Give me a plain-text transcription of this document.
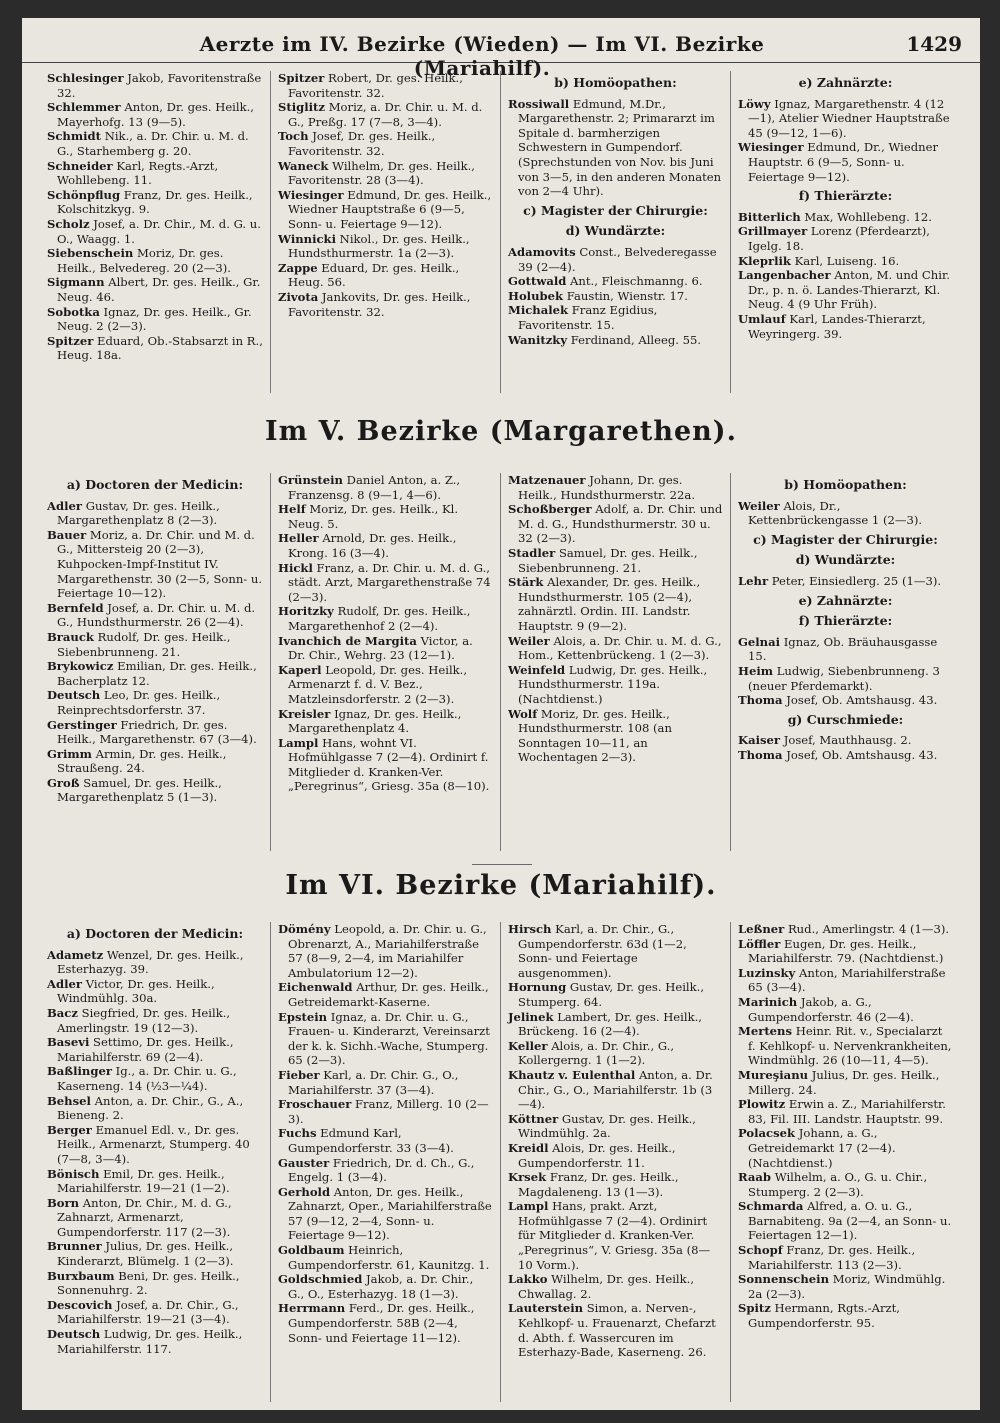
Aerzte im IV. Bezirke (Wieden) — Im VI. Bezirke (Mariahilf).
1429

Schlesinger Jakob, Favoritenstraße 32.

Schlemmer Anton, Dr. ges. Heilk., Mayerhofg. 13 (9—5).

Schmidt Nik., a. Dr. Chir. u. M. d. G., Starhemberg g. 20.

Schneider Karl, Regts.-Arzt, Wohllebeng. 11.

Schönpflug Franz, Dr. ges. Heilk., Kolschitzkyg. 9.

Scholz Josef, a. Dr. Chir., M. d. G. u. O., Waagg. 1.

Siebenschein Moriz, Dr. ges. Heilk., Belvedereg. 20 (2—3).

Sigmann Albert, Dr. ges. Heilk., Gr. Neug. 46.

Sobotka Ignaz, Dr. ges. Heilk., Gr. Neug. 2 (2—3).

Spitzer Eduard, Ob.-Stabsarzt in R., Heug. 18a.

Spitzer Robert, Dr. ges. Heilk., Favoritenstr. 32.

Stiglitz Moriz, a. Dr. Chir. u. M. d. G., Preßg. 17 (7—8, 3—4).

Toch Josef, Dr. ges. Heilk., Favoritenstr. 32.

Waneck Wilhelm, Dr. ges. Heilk., Favoritenstr. 28 (3—4).

Wiesinger Edmund, Dr. ges. Heilk., Wiedner Hauptstraße 6 (9—5, Sonn- u. Feiertage 9—12).

Winnicki Nikol., Dr. ges. Heilk., Hundsthurmerstr. 1a (2—3).

Zappe Eduard, Dr. ges. Heilk., Heug. 56.

Zivota Jankovits, Dr. ges. Heilk., Favoritenstr. 32.

b) Homöopathen:

Rossiwall Edmund, M.Dr., Margarethenstr. 2; Primararzt im Spitale d. barmherzigen Schwestern in Gumpendorf. (Sprechstunden von Nov. bis Juni von 3—5, in den anderen Monaten von 2—4 Uhr).

c) Magister der Chirurgie:
d) Wundärzte:

Adamovits Const., Belvederegasse 39 (2—4).

Gottwald Ant., Fleischmanng. 6.

Holubek Faustin, Wienstr. 17.

Michalek Franz Egidius, Favoritenstr. 15.

Wanitzky Ferdinand, Alleeg. 55.

e) Zahnärzte:

Löwy Ignaz, Margarethenstr. 4 (12—1), Atelier Wiedner Hauptstraße 45 (9—12, 1—6).

Wiesinger Edmund, Dr., Wiedner Hauptstr. 6 (9—5, Sonn- u. Feiertage 9—12).

f) Thierärzte:

Bitterlich Max, Wohllebeng. 12.

Grillmayer Lorenz (Pferdearzt), Igelg. 18.

Kleprlik Karl, Luiseng. 16.

Langenbacher Anton, M. und Chir. Dr., p. n. ö. Landes-Thierarzt, Kl. Neug. 4 (9 Uhr Früh).

Umlauf Karl, Landes-Thierarzt, Weyringerg. 39.

Im V. Bezirke (Margarethen).
a) Doctoren der Medicin:

Adler Gustav, Dr. ges. Heilk., Margarethenplatz 8 (2—3).

Bauer Moriz, a. Dr. Chir. und M. d. G., Mittersteig 20 (2—3), Kuhpocken-Impf-Institut IV. Margarethenstr. 30 (2—5, Sonn- u. Feiertage 10—12).

Bernfeld Josef, a. Dr. Chir. u. M. d. G., Hundsthurmerstr. 26 (2—4).

Brauck Rudolf, Dr. ges. Heilk., Siebenbrunneng. 21.

Brykowicz Emilian, Dr. ges. Heilk., Bacherplatz 12.

Deutsch Leo, Dr. ges. Heilk., Reinprechtsdorferstr. 37.

Gerstinger Friedrich, Dr. ges. Heilk., Margarethenstr. 67 (3—4).

Grimm Armin, Dr. ges. Heilk., Straußeng. 24.

Groß Samuel, Dr. ges. Heilk., Margarethenplatz 5 (1—3).

Grünstein Daniel Anton, a. Z., Franzensg. 8 (9—1, 4—6).

Helf Moriz, Dr. ges. Heilk., Kl. Neug. 5.

Heller Arnold, Dr. ges. Heilk., Krong. 16 (3—4).

Hickl Franz, a. Dr. Chir. u. M. d. G., städt. Arzt, Margarethenstraße 74 (2—3).

Horitzky Rudolf, Dr. ges. Heilk., Margarethenhof 2 (2—4).

Ivanchich de Margita Victor, a. Dr. Chir., Wehrg. 23 (12—1).

Kaperl Leopold, Dr. ges. Heilk., Armenarzt f. d. V. Bez., Matzleinsdorferstr. 2 (2—3).

Kreisler Ignaz, Dr. ges. Heilk., Margarethenplatz 4.

Lampl Hans, wohnt VI. Hofmühlgasse 7 (2—4). Ordinirt f. Mitglieder d. Kranken-Ver. „Peregrinus“, Griesg. 35a (8—10).

Matzenauer Johann, Dr. ges. Heilk., Hundsthurmerstr. 22a.

Schoßberger Adolf, a. Dr. Chir. und M. d. G., Hundsthurmerstr. 30 u. 32 (2—3).

Stadler Samuel, Dr. ges. Heilk., Siebenbrunneng. 21.

Stärk Alexander, Dr. ges. Heilk., Hundsthurmerstr. 105 (2—4), zahnärztl. Ordin. III. Landstr. Hauptstr. 9 (9—2).

Weiler Alois, a. Dr. Chir. u. M. d. G., Hom., Kettenbrückeng. 1 (2—3).

Weinfeld Ludwig, Dr. ges. Heilk., Hundsthurmerstr. 119a. (Nachtdienst.)

Wolf Moriz, Dr. ges. Heilk., Hundsthurmerstr. 108 (an Sonntagen 10—11, an Wochentagen 2—3).

b) Homöopathen:

Weiler Alois, Dr., Kettenbrückengasse 1 (2—3).

c) Magister der Chirurgie:
d) Wundärzte:

Lehr Peter, Einsiedlerg. 25 (1—3).

e) Zahnärzte:
f) Thierärzte:

Gelnai Ignaz, Ob. Bräuhausgasse 15.

Heim Ludwig, Siebenbrunneng. 3 (neuer Pferdemarkt).

Thoma Josef, Ob. Amtshausg. 43.

g) Curschmiede:

Kaiser Josef, Mauthhausg. 2.

Thoma Josef, Ob. Amtshausg. 43.

Im VI. Bezirke (Mariahilf).
a) Doctoren der Medicin:

Adametz Wenzel, Dr. ges. Heilk., Esterhazyg. 39.

Adler Victor, Dr. ges. Heilk., Windmühlg. 30a.

Bacz Siegfried, Dr. ges. Heilk., Amerlingstr. 19 (12—3).

Basevi Settimo, Dr. ges. Heilk., Mariahilferstr. 69 (2—4).

Baßlinger Ig., a. Dr. Chir. u. G., Kaserneng. 14 (½3—¼4).

Behsel Anton, a. Dr. Chir., G., A., Bieneng. 2.

Berger Emanuel Edl. v., Dr. ges. Heilk., Armenarzt, Stumperg. 40 (7—8, 3—4).

Bönisch Emil, Dr. ges. Heilk., Mariahilferstr. 19—21 (1—2).

Born Anton, Dr. Chir., M. d. G., Zahnarzt, Armenarzt, Gumpendorferstr. 117 (2—3).

Brunner Julius, Dr. ges. Heilk., Kinderarzt, Blümelg. 1 (2—3).

Burxbaum Beni, Dr. ges. Heilk., Sonnenuhrg. 2.

Descovich Josef, a. Dr. Chir., G., Mariahilferstr. 19—21 (3—4).

Deutsch Ludwig, Dr. ges. Heilk., Mariahilferstr. 117.

Dömény Leopold, a. Dr. Chir. u. G., Obrenarzt, A., Mariahilferstraße 57 (8—9, 2—4, im Mariahilfer Ambulatorium 12—2).

Eichenwald Arthur, Dr. ges. Heilk., Getreidemarkt-Kaserne.

Epstein Ignaz, a. Dr. Chir. u. G., Frauen- u. Kinderarzt, Vereinsarzt der k. k. Sichh.-Wache, Stumperg. 65 (2—3).

Fieber Karl, a. Dr. Chir. G., O., Mariahilferstr. 37 (3—4).

Froschauer Franz, Millerg. 10 (2—3).

Fuchs Edmund Karl, Gumpendorferstr. 33 (3—4).

Gauster Friedrich, Dr. d. Ch., G., Engelg. 1 (3—4).

Gerhold Anton, Dr. ges. Heilk., Zahnarzt, Oper., Mariahilferstraße 57 (9—12, 2—4, Sonn- u. Feiertage 9—12).

Goldbaum Heinrich, Gumpendorferstr. 61, Kaunitzg. 1.

Goldschmied Jakob, a. Dr. Chir., G., O., Esterhazyg. 18 (1—3).

Herrmann Ferd., Dr. ges. Heilk., Gumpendorferstr. 58B (2—4, Sonn- und Feiertage 11—12).

Hirsch Karl, a. Dr. Chir., G., Gumpendorferstr. 63d (1—2, Sonn- und Feiertage ausgenommen).

Hornung Gustav, Dr. ges. Heilk., Stumperg. 64.

Jelinek Lambert, Dr. ges. Heilk., Brückeng. 16 (2—4).

Keller Alois, a. Dr. Chir., G., Kollergerng. 1 (1—2).

Khautz v. Eulenthal Anton, a. Dr. Chir., G., O., Mariahilferstr. 1b (3—4).

Köttner Gustav, Dr. ges. Heilk., Windmühlg. 2a.

Kreidl Alois, Dr. ges. Heilk., Gumpendorferstr. 11.

Krsek Franz, Dr. ges. Heilk., Magdaleneng. 13 (1—3).

Lampl Hans, prakt. Arzt, Hofmühlgasse 7 (2—4). Ordinirt für Mitglieder d. Kranken-Ver. „Peregrinus“, V. Griesg. 35a (8—10 Vorm.).

Lakko Wilhelm, Dr. ges. Heilk., Chwallag. 2.

Lauterstein Simon, a. Nerven-, Kehlkopf- u. Frauenarzt, Chefarzt d. Abth. f. Wassercuren im Esterhazy-Bade, Kaserneng. 26.

Leßner Rud., Amerlingstr. 4 (1—3).

Löffler Eugen, Dr. ges. Heilk., Mariahilferstr. 79. (Nachtdienst.)

Luzinsky Anton, Mariahilferstraße 65 (3—4).

Marinich Jakob, a. G., Gumpendorferstr. 46 (2—4).

Mertens Heinr. Rit. v., Specialarzt f. Kehlkopf- u. Nervenkrankheiten, Windmühlg. 26 (10—11, 4—5).

Mureşianu Julius, Dr. ges. Heilk., Millerg. 24.

Plowitz Erwin a. Z., Mariahilferstr. 83, Fil. III. Landstr. Hauptstr. 99.

Polacsek Johann, a. G., Getreidemarkt 17 (2—4). (Nachtdienst.)

Raab Wilhelm, a. O., G. u. Chir., Stumperg. 2 (2—3).

Schmarda Alfred, a. O. u. G., Barnabiteng. 9a (2—4, an Sonn- u. Feiertagen 12—1).

Schopf Franz, Dr. ges. Heilk., Mariahilferstr. 113 (2—3).

Sonnenschein Moriz, Windmühlg. 2a (2—3).

Spitz Hermann, Rgts.-Arzt, Gumpendorferstr. 95.
